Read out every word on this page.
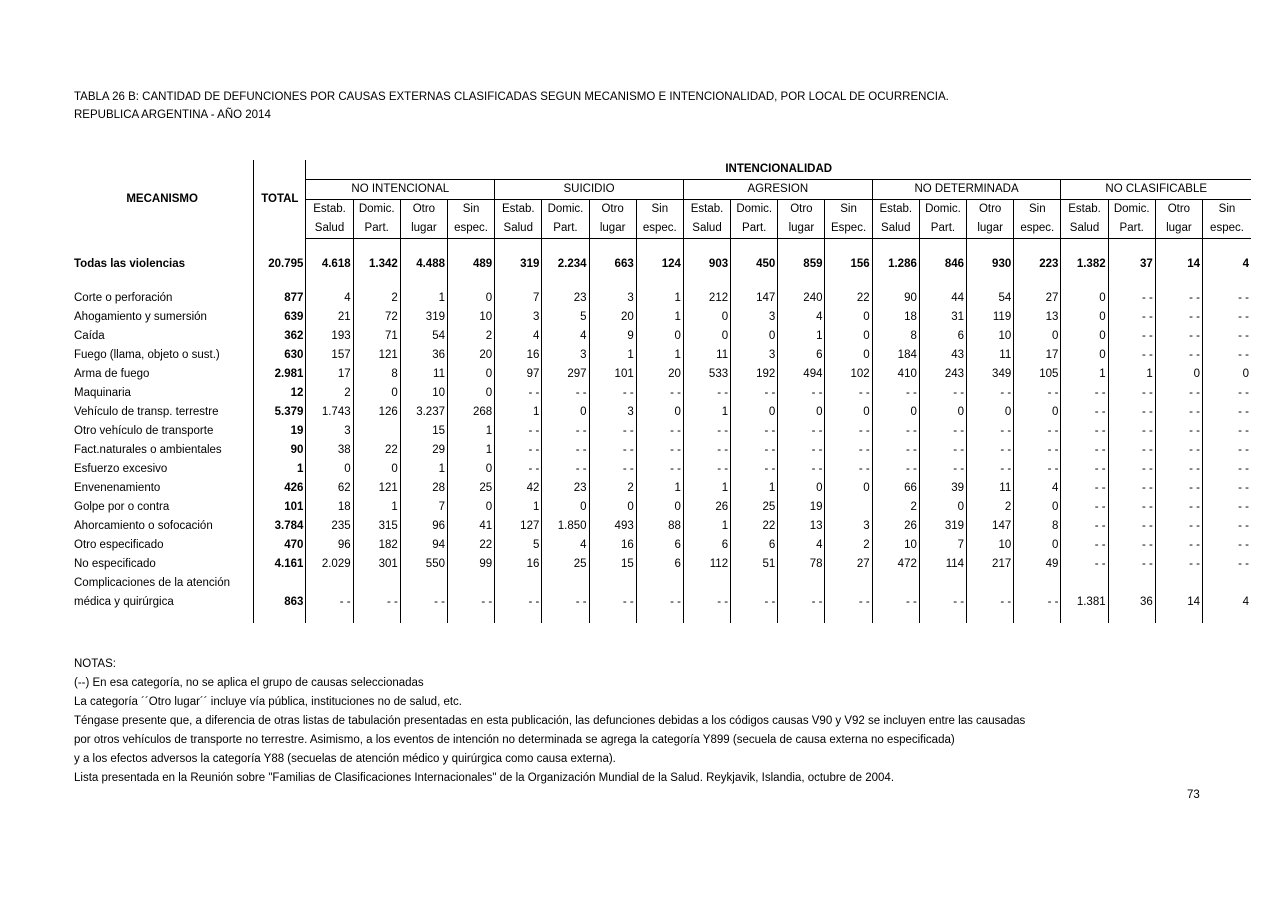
TABLA 26 B: CANTIDAD DE DEFUNCIONES POR CAUSAS EXTERNAS CLASIFICADAS SEGUN MECANISMO E INTENCIONALIDAD, POR LOCAL DE OCURRENCIA.
REPUBLICA ARGENTINA - AÑO 2014
MECANISMO	TOTAL	INTENCIONALIDAD																			
		NO INTENCIONAL				SUICIDIO				AGRESION				NO DETERMINADA				NO CLASIFICABLE			
		Estab.	Domic.	Otro	Sin	Estab.	Domic.	Otro	Sin	Estab.	Domic.	Otro	Sin	Estab.	Domic.	Otro	Sin	Estab.	Domic.	Otro	Sin
		Salud	Part.	lugar	espec.	Salud	Part.	lugar	espec.	Salud	Part.	lugar	Espec.	Salud	Part.	lugar	espec.	Salud	Part.	lugar	espec.

Todas las violencias	20.795	4.618	1.342	4.488	489	319	2.234	663	124	903	450	859	156	1.286	846	930	223	1.382	37	14	4

Corte o perforación	877	4	2	1	0	7	23	3	1	212	147	240	22	90	44	54	27	0	- -	- -	- -
Ahogamiento y sumersión	639	21	72	319	10	3	5	20	1	0	3	4	0	18	31	119	13	0	- -	- -	- -
Caída	362	193	71	54	2	4	4	9	0	0	0	1	0	8	6	10	0	0	- -	- -	- -
Fuego (llama, objeto o sust.)	630	157	121	36	20	16	3	1	1	11	3	6	0	184	43	11	17	0	- -	- -	- -
Arma de fuego	2.981	17	8	11	0	97	297	101	20	533	192	494	102	410	243	349	105	1	1	0	0
Maquinaria	12	2	0	10	0	- -	- -	- -	- -	- -	- -	- -	- -	- -	- -	- -	- -	- -	- -	- -	- -
Vehículo de transp. terrestre	5.379	1.743	126	3.237	268	1	0	3	0	1	0	0	0	0	0	0	0	- -	- -	- -	- -
Otro vehículo de transporte	19	3		15	1	- -	- -	- -	- -	- -	- -	- -	- -	- -	- -	- -	- -	- -	- -	- -	- -
Fact.naturales o ambientales	90	38	22	29	1	- -	- -	- -	- -	- -	- -	- -	- -	- -	- -	- -	- -	- -	- -	- -	- -
Esfuerzo excesivo	1	0	0	1	0	- -	- -	- -	- -	- -	- -	- -	- -	- -	- -	- -	- -	- -	- -	- -	- -
Envenenamiento	426	62	121	28	25	42	23	2	1	1	1	0	0	66	39	11	4	- -	- -	- -	- -
Golpe por o contra	101	18	1	7	0	1	0	0	0	26	25	19		2	0	2	0	- -	- -	- -	- -
Ahorcamiento o sofocación	3.784	235	315	96	41	127	1.850	493	88	1	22	13	3	26	319	147	8	- -	- -	- -	- -
Otro especificado	470	96	182	94	22	5	4	16	6	6	6	4	2	10	7	10	0	- -	- -	- -	- -
No especificado	4.161	2.029	301	550	99	16	25	15	6	112	51	78	27	472	114	217	49	- -	- -	- -	- -
Complicaciones de la atención																					
médica y quirúrgica	863	- -	- -	- -	- -	- -	- -	- -	- -	- -	- -	- -	- -	- -	- -	- -	- -	1.381	36	14	4

NOTAS:
(--) En esa categoría, no se aplica el grupo de causas seleccionadas
La categoría ´´Otro lugar´´ incluye vía pública, instituciones no de salud, etc.
Téngase presente que, a diferencia de otras listas de tabulación presentadas en esta publicación, las defunciones debidas a los códigos causas V90 y V92 se incluyen entre las causadas
por otros vehículos de transporte no terrestre. Asimismo, a los eventos de intención no determinada se agrega la categoría Y899 (secuela de causa externa no especificada)
y a los efectos adversos la categoría Y88 (secuelas de atención médico y quirúrgica como causa externa).
Lista presentada en la Reunión sobre "Familias de Clasificaciones Internacionales" de la Organización Mundial de la Salud. Reykjavik, Islandia, octubre de 2004.
73
